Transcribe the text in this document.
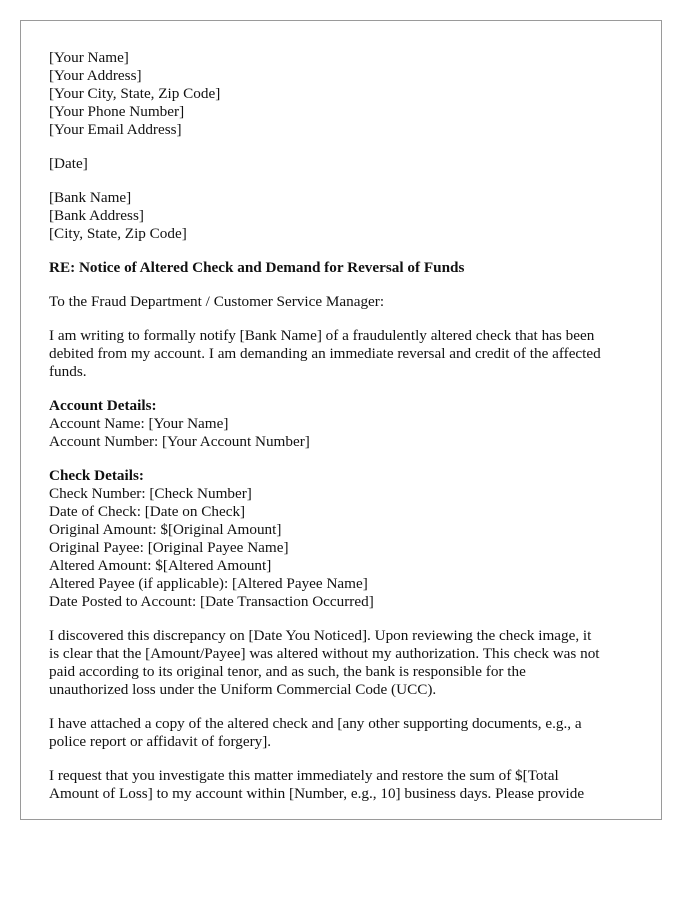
[Your Name]
[Your Address]
[Your City, State, Zip Code]
[Your Phone Number]
[Your Email Address]
[Date]
[Bank Name]
[Bank Address]
[City, State, Zip Code]
RE: Notice of Altered Check and Demand for Reversal of Funds
To the Fraud Department / Customer Service Manager:

I am writing to formally notify [Bank Name] of a fraudulently altered check that has been
debited from my account. I am demanding an immediate reversal and credit of the affected
funds.

Account Details:
Account Name: [Your Name]
Account Number: [Your Account Number]
Check Details:
Check Number: [Check Number]
Date of Check: [Date on Check]
Original Amount: $[Original Amount]
Original Payee: [Original Payee Name]
Altered Amount: $[Altered Amount]
Altered Payee (if applicable): [Altered Payee Name]
Date Posted to Account: [Date Transaction Occurred]

I discovered this discrepancy on [Date You Noticed]. Upon reviewing the check image, it
is clear that the [Amount/Payee] was altered without my authorization. This check was not
paid according to its original tenor, and as such, the bank is responsible for the
unauthorized loss under the Uniform Commercial Code (UCC).

I have attached a copy of the altered check and [any other supporting documents, e.g., a
police report or affidavit of forgery].

I request that you investigate this matter immediately and restore the sum of $[Total
Amount of Loss] to my account within [Number, e.g., 10] business days. Please provide
